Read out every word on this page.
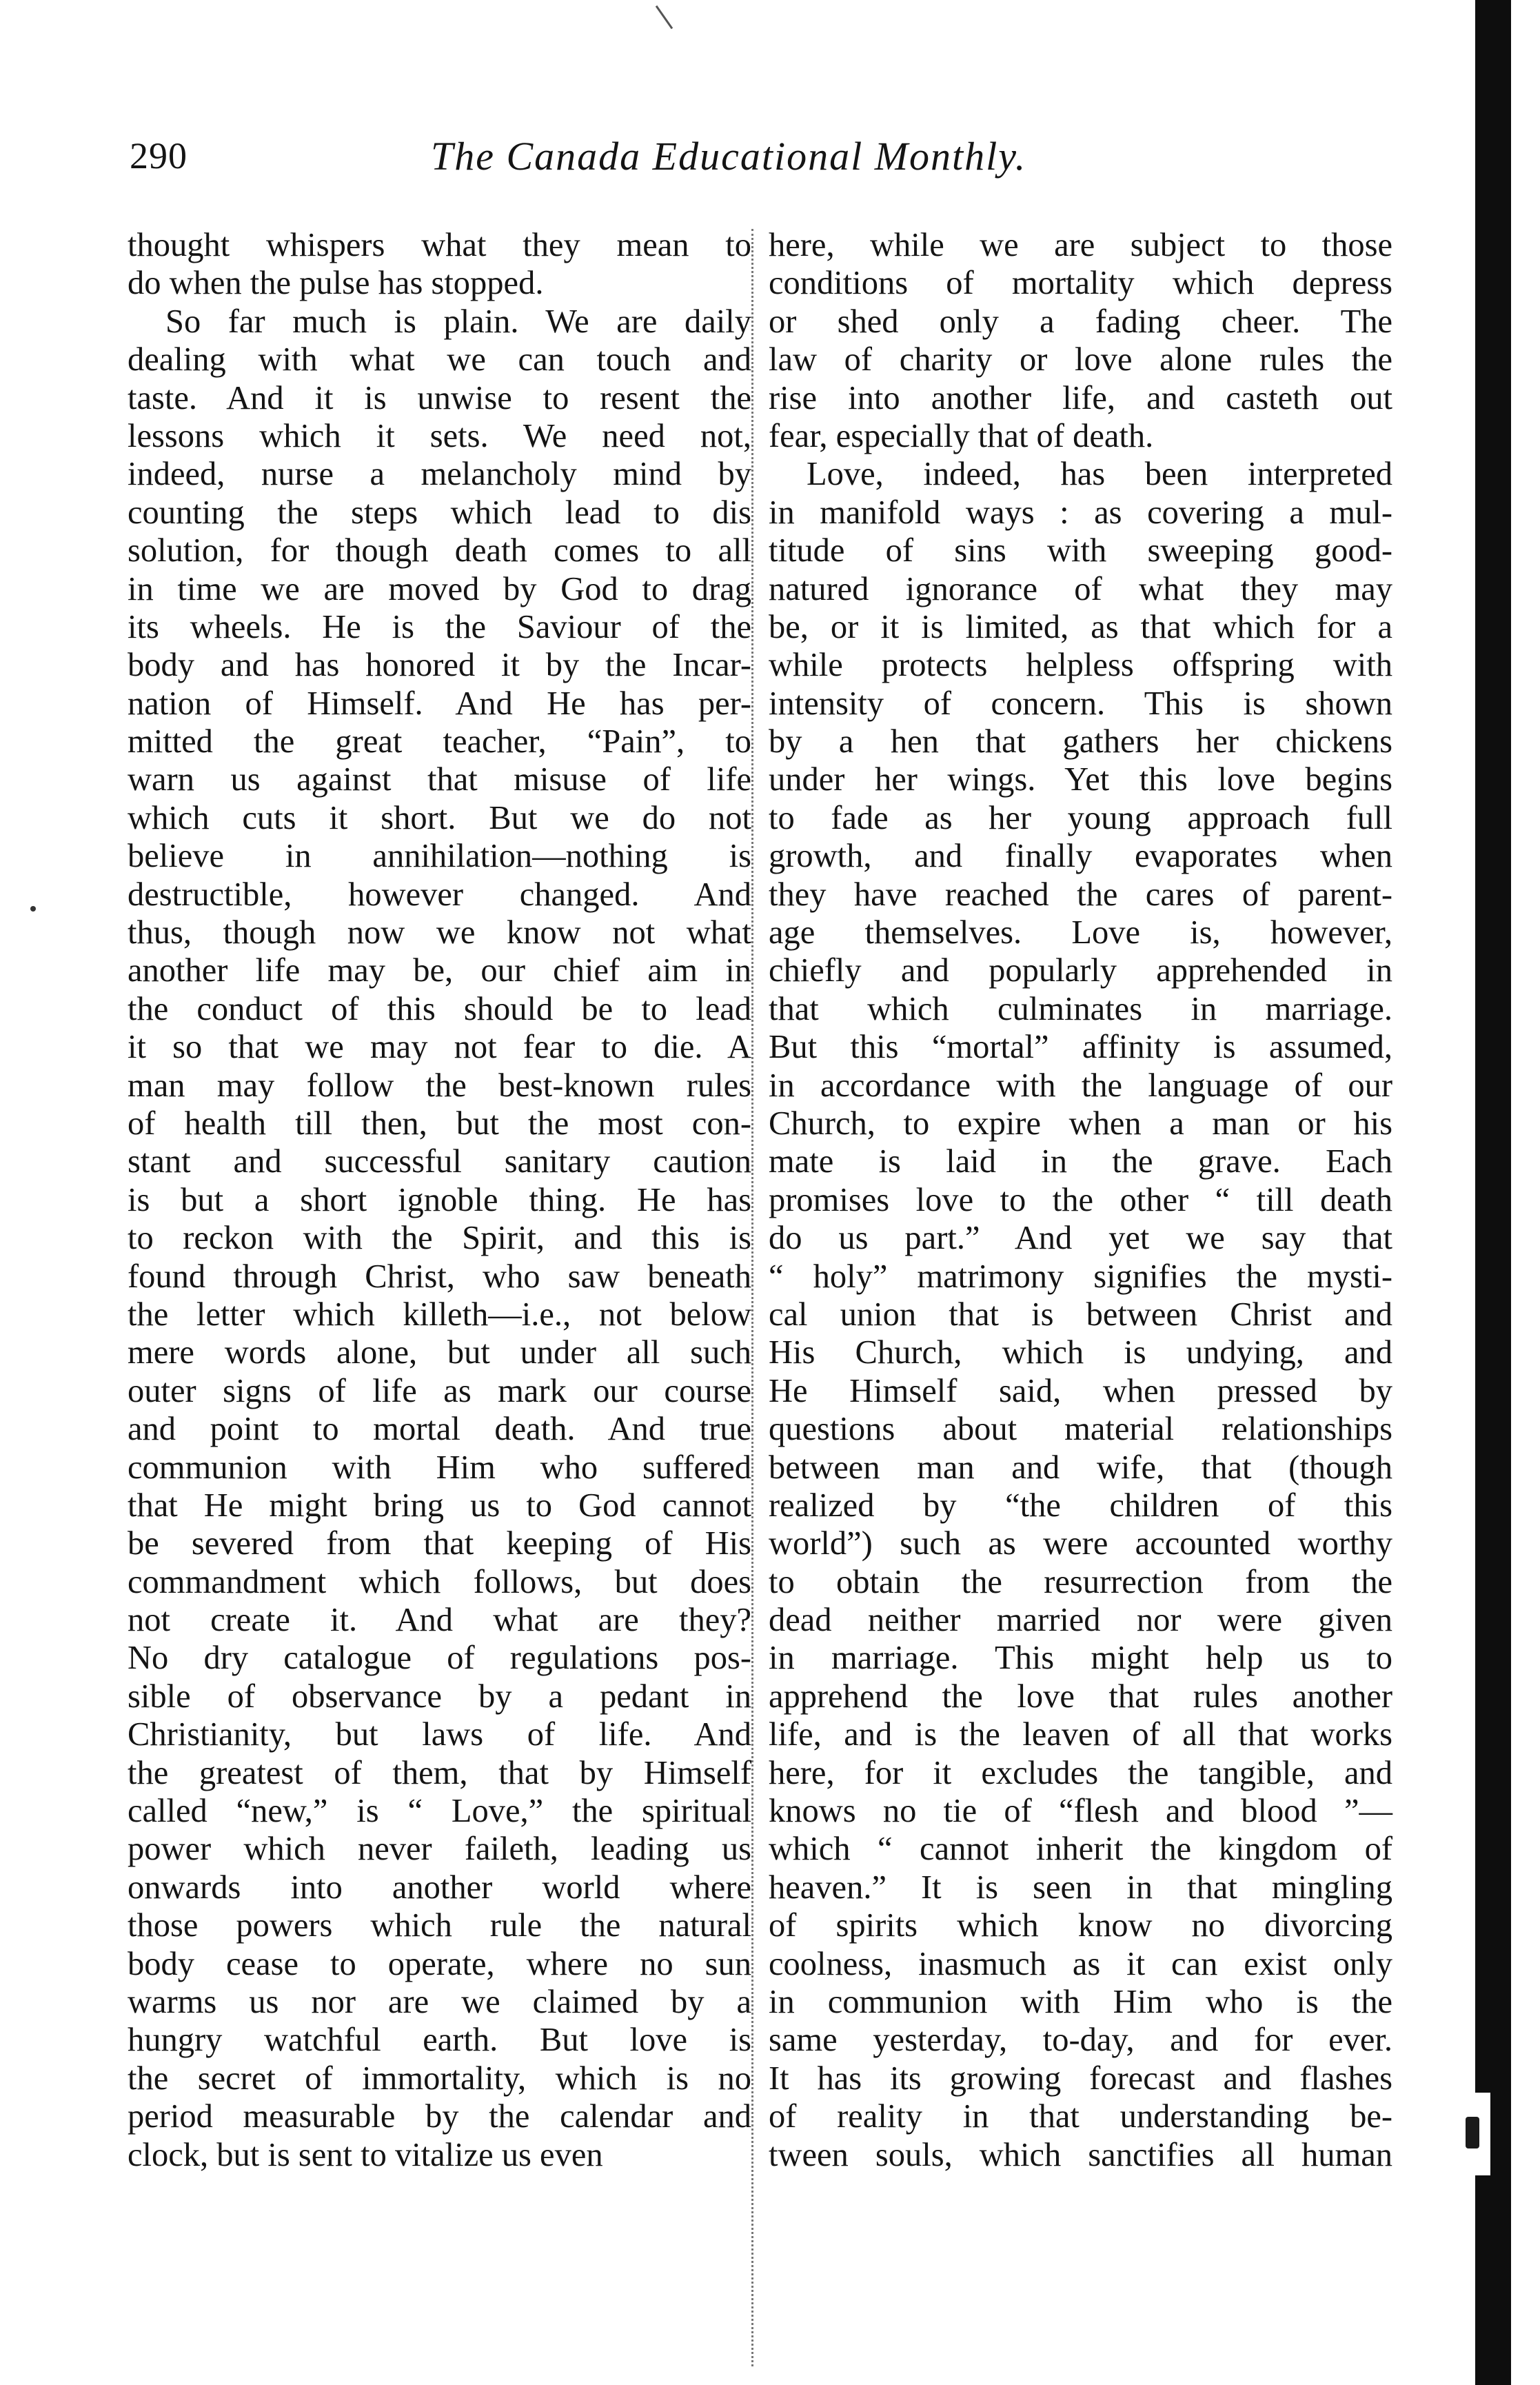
290	The Canada Educational Monthly.
thought whispers what they mean to
do when the pulse has stopped.
So far much is plain. We are daily
dealing with what we can touch and
taste. And it is unwise to resent the
lessons which it sets. We need not,
indeed, nurse a melancholy mind by
counting the steps which lead to dis
solution, for though death comes to all
in time we are moved by God to drag
its wheels. He is the Saviour of the
body and has honored it by the Incar-
nation of Himself. And He has per-
mitted the great teacher, “Pain”, to
warn us against that misuse of life
which cuts it short. But we do not
believe in annihilation—nothing is
destructible, however changed. And
thus, though now we know not what
another life may be, our chief aim in
the conduct of this should be to lead
it so that we may not fear to die. A
man may follow the best-known rules
of health till then, but the most con-
stant and successful sanitary caution
is but a short ignoble thing. He has
to reckon with the Spirit, and this is
found through Christ, who saw beneath
the letter which killeth—i.e., not below
mere words alone, but under all such
outer signs of life as mark our course
and point to mortal death. And true
communion with Him who suffered
that He might bring us to God cannot
be severed from that keeping of His
commandment which follows, but does
not create it. And what are they?
No dry catalogue of regulations pos-
sible of observance by a pedant in
Christianity, but laws of life. And
the greatest of them, that by Himself
called “new,” is “ Love,” the spiritual
power which never faileth, leading us
onwards into another world where
those powers which rule the natural
body cease to operate, where no sun
warms us nor are we claimed by a
hungry watchful earth. But love is
the secret of immortality, which is no
period measurable by the calendar and
clock, but is sent to vitalize us even
here, while we are subject to those
conditions of mortality which depress
or shed only a fading cheer. The
law of charity or love alone rules the
rise into another life, and casteth out
fear, especially that of death.
Love, indeed, has been interpreted
in manifold ways : as covering a mul-
titude of sins with sweeping good-
natured ignorance of what they may
be, or it is limited, as that which for a
while protects helpless offspring with
intensity of concern. This is shown
by a hen that gathers her chickens
under her wings. Yet this love begins
to fade as her young approach full
growth, and finally evaporates when
they have reached the cares of parent-
age themselves. Love is, however,
chiefly and popularly apprehended in
that which culminates in marriage.
But this “mortal” affinity is assumed,
in accordance with the language of our
Church, to expire when a man or his
mate is laid in the grave. Each
promises love to the other “ till death
do us part.” And yet we say that
“ holy” matrimony signifies the mysti-
cal union that is between Christ and
His Church, which is undying, and
He Himself said, when pressed by
questions about material relationships
between man and wife, that (though
realized by “the children of this
world”) such as were accounted worthy
to obtain the resurrection from the
dead neither married nor were given
in marriage. This might help us to
apprehend the love that rules another
life, and is the leaven of all that works
here, for it excludes the tangible, and
knows no tie of “flesh and blood ”—
which “ cannot inherit the kingdom of
heaven.” It is seen in that mingling
of spirits which know no divorcing
coolness, inasmuch as it can exist only
in communion with Him who is the
same yesterday, to-day, and for ever.
It has its growing forecast and flashes
of reality in that understanding be-
tween souls, which sanctifies all human
